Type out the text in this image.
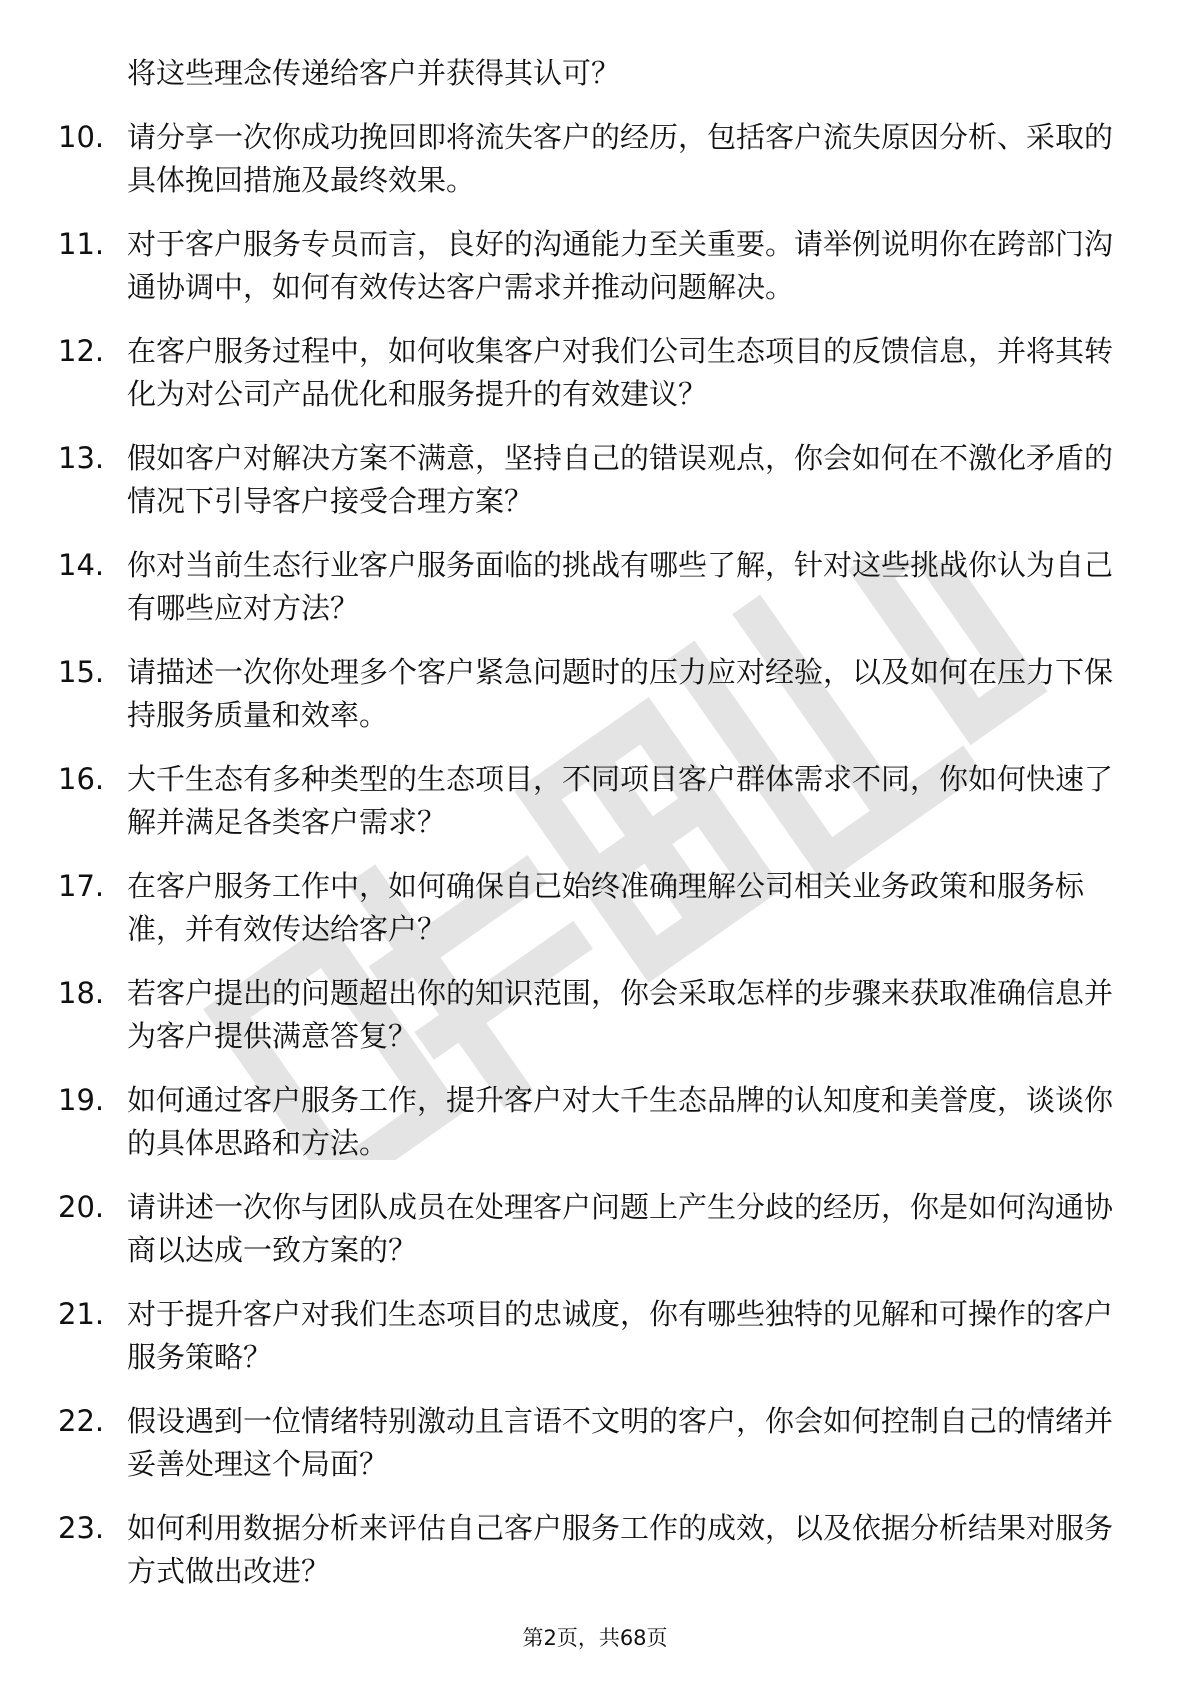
将这些理念传递给客户并获得其认可？
10. 请分享一次你成功挽回即将流失客户的经历，包括客户流失原因分析、采取的具体挽回措施及最终效果。
11. 对于客户服务专员而言，良好的沟通能力至关重要。请举例说明你在跨部门沟通协调中，如何有效传达客户需求并推动问题解决。
12. 在客户服务过程中，如何收集客户对我们公司生态项目的反馈信息，并将其转化为对公司产品优化和服务提升的有效建议？
13. 假如客户对解决方案不满意，坚持自己的错误观点，你会如何在不激化矛盾的情况下引导客户接受合理方案？
14. 你对当前生态行业客户服务面临的挑战有哪些了解，针对这些挑战你认为自己有哪些应对方法？
15. 请描述一次你处理多个客户紧急问题时的压力应对经验，以及如何在压力下保持服务质量和效率。
16. 大千生态有多种类型的生态项目，不同项目客户群体需求不同，你如何快速了解并满足各类客户需求？
17. 在客户服务工作中，如何确保自己始终准确理解公司相关业务政策和服务标准，并有效传达给客户？
18. 若客户提出的问题超出你的知识范围，你会采取怎样的步骤来获取准确信息并为客户提供满意答复？
19. 如何通过客户服务工作，提升客户对大千生态品牌的认知度和美誉度，谈谈你的具体思路和方法。
20. 请讲述一次你与团队成员在处理客户问题上产生分歧的经历，你是如何沟通协商以达成一致方案的？
21. 对于提升客户对我们生态项目的忠诚度，你有哪些独特的见解和可操作的客户服务策略？
22. 假设遇到一位情绪特别激动且言语不文明的客户，你会如何控制自己的情绪并妥善处理这个局面？
23. 如何利用数据分析来评估自己客户服务工作的成效，以及依据分析结果对服务方式做出改进？
第2页，共68页
